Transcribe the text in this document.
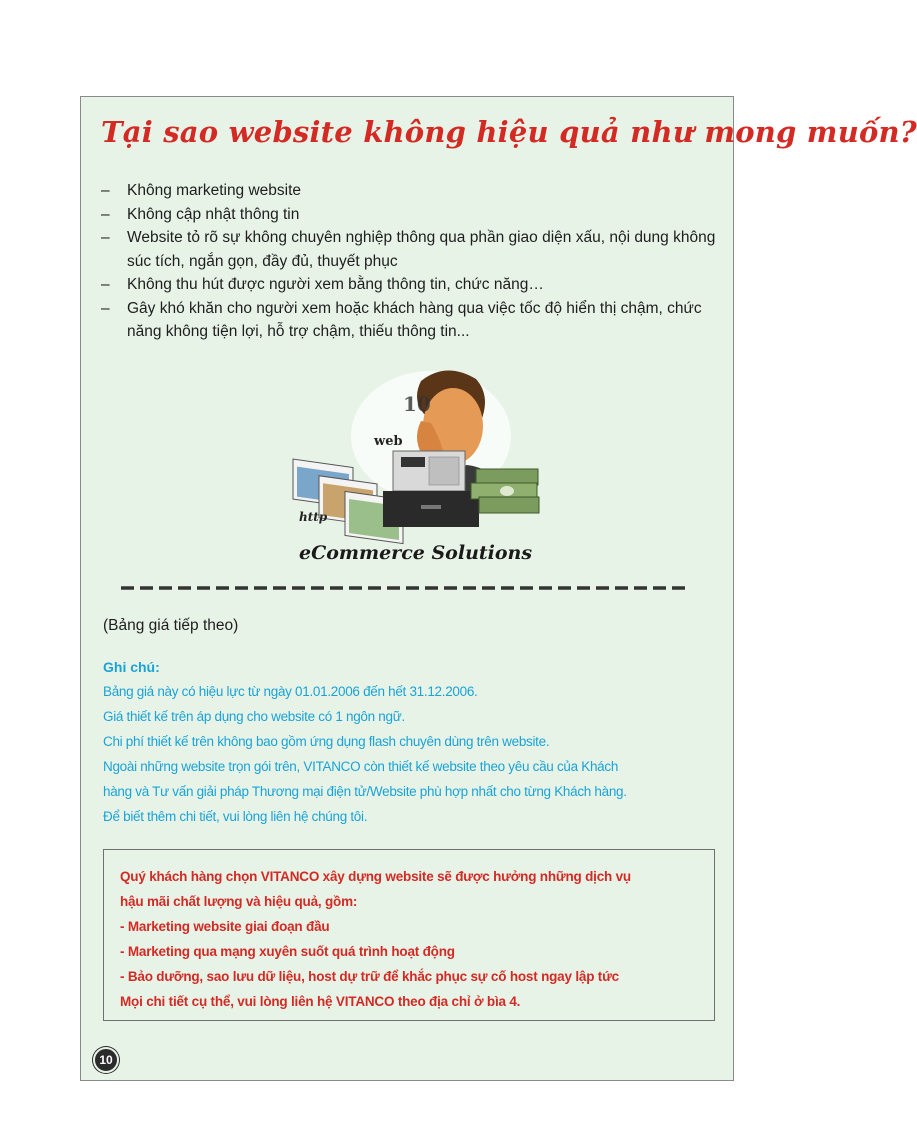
Tại sao website không hiệu quả như mong muốn?
– Không marketing website
– Không cập nhật thông tin
– Website tỏ rõ sự không chuyên nghiệp thông qua phần giao diện xấu, nội dung không súc tích, ngắn gọn, đầy đủ, thuyết phục
– Không thu hút được người xem bằng thông tin, chức năng…
– Gây khó khăn cho người xem hoặc khách hàng qua việc tốc độ hiển thị chậm, chức năng không tiện lợi, hỗ trợ chậm, thiếu thông tin...
web
http
10
eCommerce Solutions
(Bảng giá tiếp theo)
Ghi chú:
Bảng giá này có hiệu lực từ ngày 01.01.2006 đến hết 31.12.2006.
Giá thiết kế trên áp dụng cho website có 1 ngôn ngữ.
Chi phí thiết kế trên không bao gồm ứng dụng flash chuyên dùng trên website.
Ngoài những website trọn gói trên, VITANCO còn thiết kế website theo yêu cầu của Khách
hàng và Tư vấn giải pháp Thương mại điện tử/Website phù hợp nhất cho từng Khách hàng.
Để biết thêm chi tiết, vui lòng liên hệ chúng tôi.
Quý khách hàng chọn VITANCO xây dựng website sẽ được hưởng những dịch vụ
hậu mãi chất lượng và hiệu quả, gồm:
- Marketing website giai đoạn đầu
- Marketing qua mạng xuyên suốt quá trình hoạt động
- Bảo dưỡng, sao lưu dữ liệu, host dự trữ để khắc phục sự cố host ngay lập tức
Mọi chi tiết cụ thể, vui lòng liên hệ VITANCO theo địa chỉ ở bìa 4.
10
